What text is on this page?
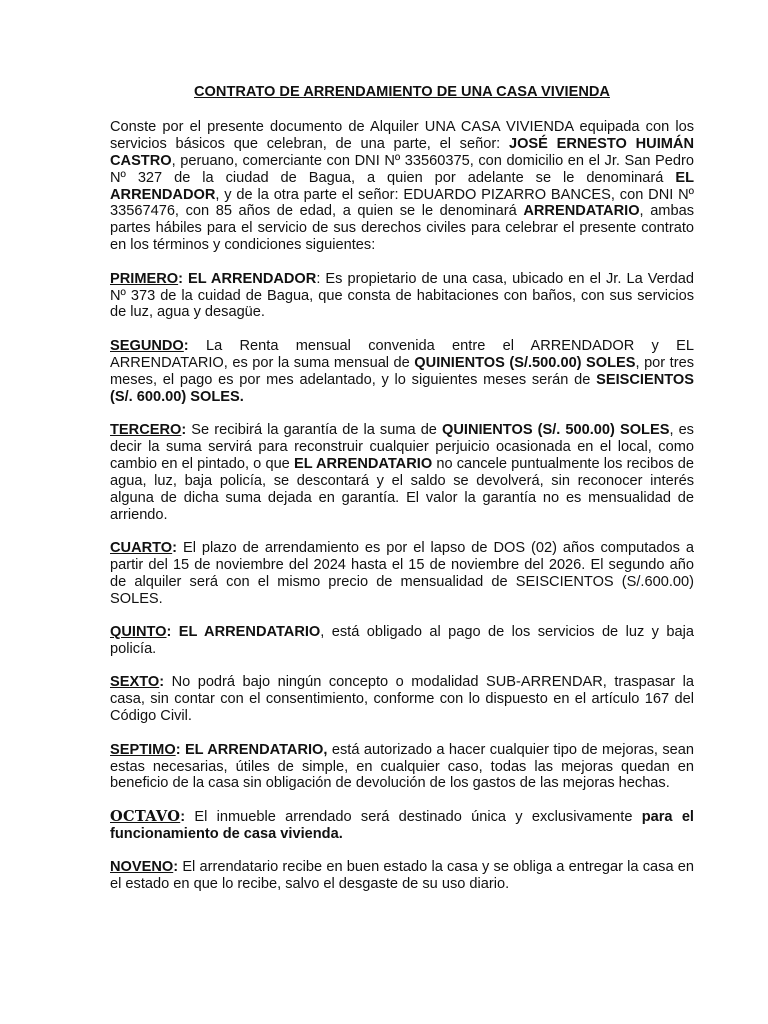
CONTRATO DE ARRENDAMIENTO DE UNA CASA VIVIENDA

Conste por el presente documento de Alquiler UNA CASA VIVIENDA equipada con los servicios básicos que celebran, de una parte, el señor: JOSÉ ERNESTO HUIMÁN CASTRO, peruano, comerciante con DNI Nº 33560375, con domicilio en el Jr. San Pedro Nº 327 de la ciudad de Bagua, a quien por adelante se le denominará EL ARRENDADOR, y de la otra parte el señor: EDUARDO PIZARRO BANCES, con DNI Nº 33567476, con 85 años de edad, a quien se le denominará ARRENDATARIO, ambas partes hábiles para el servicio de sus derechos civiles para celebrar el presente contrato en los términos y condiciones siguientes:

PRIMERO: EL ARRENDADOR: Es propietario de una casa, ubicado en el Jr. La Verdad Nº 373 de la cuidad de Bagua, que consta de habitaciones con baños, con sus servicios de luz, agua y desagüe.

SEGUNDO: La Renta mensual convenida entre el ARRENDADOR y EL ARRENDATARIO, es por la suma mensual de QUINIENTOS (S/.500.00) SOLES, por tres meses, el pago es por mes adelantado, y lo siguientes meses serán de SEISCIENTOS (S/. 600.00) SOLES.

TERCERO: Se recibirá la garantía de la suma de QUINIENTOS (S/. 500.00) SOLES, es decir la suma servirá para reconstruir cualquier perjuicio ocasionada en el local, como cambio en el pintado, o que EL ARRENDATARIO no cancele puntualmente los recibos de agua, luz, baja policía, se descontará y el saldo se devolverá, sin reconocer interés alguna de dicha suma dejada en garantía. El valor la garantía no es mensualidad de arriendo.

CUARTO: El plazo de arrendamiento es por el lapso de DOS (02) años computados a partir del 15 de noviembre del 2024 hasta el 15 de noviembre del 2026. El segundo año de alquiler será con el mismo precio de mensualidad de SEISCIENTOS (S/.600.00) SOLES.

QUINTO: EL ARRENDATARIO, está obligado al pago de los servicios de luz y baja policía.

SEXTO: No podrá bajo ningún concepto o modalidad SUB-ARRENDAR, traspasar la casa, sin contar con el consentimiento, conforme con lo dispuesto en el artículo 167 del Código Civil.

SEPTIMO: EL ARRENDATARIO, está autorizado a hacer cualquier tipo de mejoras, sean estas necesarias, útiles de simple, en cualquier caso, todas las mejoras quedan en beneficio de la casa sin obligación de devolución de los gastos de las mejoras hechas.

OCTAVO: El inmueble arrendado será destinado única y exclusivamente para el funcionamiento de casa vivienda.

NOVENO: El arrendatario recibe en buen estado la casa y se obliga a entregar la casa en el estado en que lo recibe, salvo el desgaste de su uso diario.
